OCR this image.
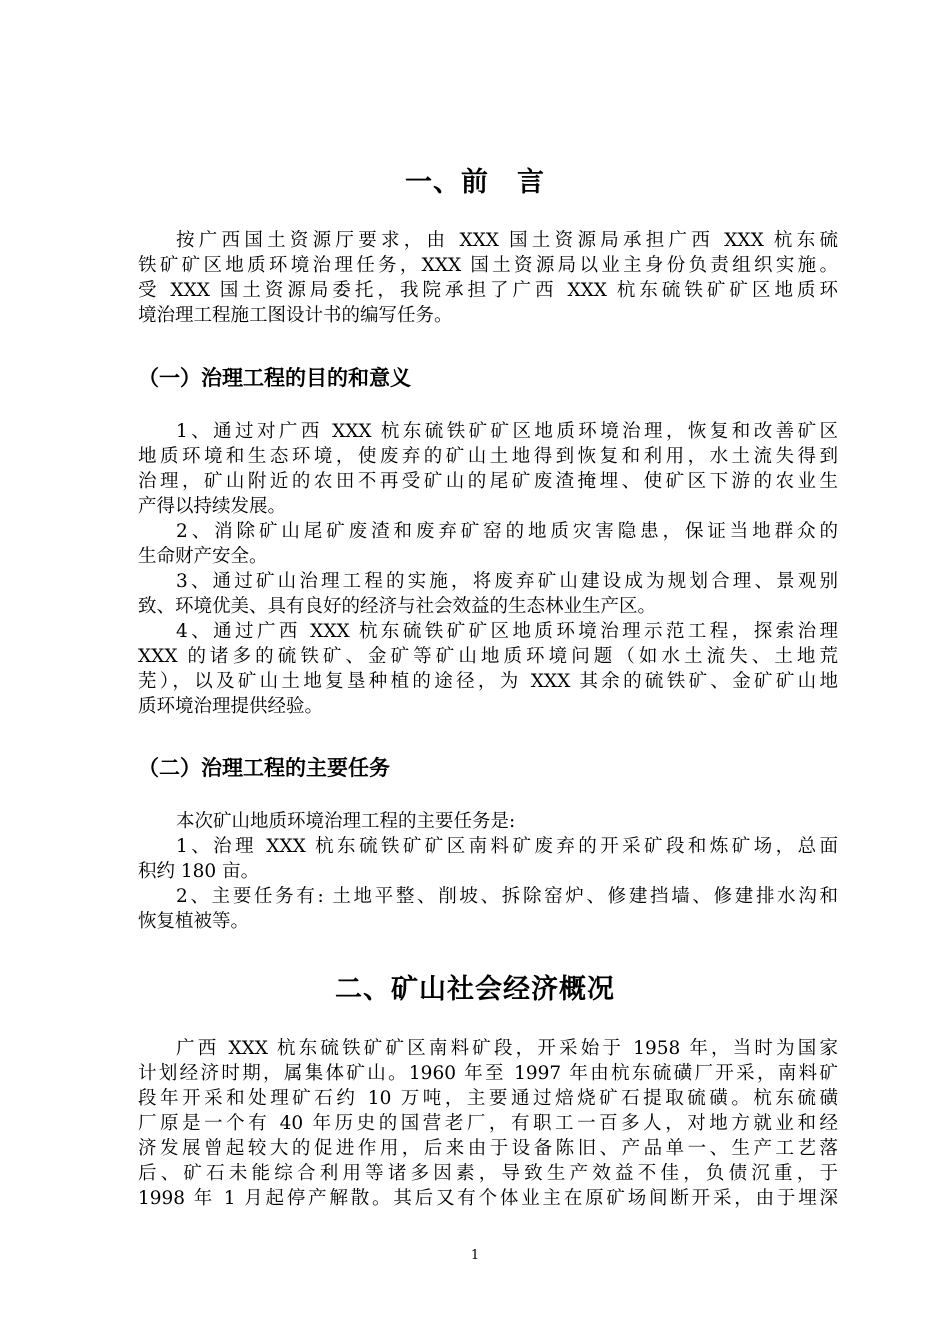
一、前　言

按广西国土资源厅要求，由 XXX 国土资源局承担广西 XXX 杭东硫

铁矿矿区地质环境治理任务，XXX 国土资源局以业主身份负责组织实施。

受 XXX 国土资源局委托，我院承担了广西 XXX 杭东硫铁矿矿区地质环

境治理工程施工图设计书的编写任务。

（一）治理工程的目的和意义

1、通过对广西 XXX 杭东硫铁矿矿区地质环境治理，恢复和改善矿区

地质环境和生态环境，使废弃的矿山土地得到恢复和利用，水土流失得到

治理，矿山附近的农田不再受矿山的尾矿废渣掩埋、使矿区下游的农业生

产得以持续发展。

2、消除矿山尾矿废渣和废弃矿窑的地质灾害隐患，保证当地群众的

生命财产安全。

3、通过矿山治理工程的实施，将废弃矿山建设成为规划合理、景观别

致、环境优美、具有良好的经济与社会效益的生态林业生产区。

4、通过广西 XXX 杭东硫铁矿矿区地质环境治理示范工程，探索治理

XXX 的诸多的硫铁矿、金矿等矿山地质环境问题（如水土流失、土地荒

芜），以及矿山土地复垦种植的途径，为 XXX 其余的硫铁矿、金矿矿山地

质环境治理提供经验。

（二）治理工程的主要任务

本次矿山地质环境治理工程的主要任务是:

1、治理 XXX 杭东硫铁矿矿区南料矿废弃的开采矿段和炼矿场，总面

积约 180 亩。

2、主要任务有: 土地平整、削坡、拆除窑炉、修建挡墙、修建排水沟和

恢复植被等。

二、矿山社会经济概况

广西 XXX 杭东硫铁矿矿区南料矿段，开采始于 1958 年，当时为国家

计划经济时期，属集体矿山。1960 年至 1997 年由杭东硫磺厂开采，南料矿

段年开采和处理矿石约 10 万吨，主要通过焙烧矿石提取硫磺。杭东硫磺

厂原是一个有 40 年历史的国营老厂，有职工一百多人，对地方就业和经

济发展曾起较大的促进作用，后来由于设备陈旧、产品单一、生产工艺落

后、矿石未能综合利用等诸多因素，导致生产效益不佳，负债沉重，于

1998 年 1 月起停产解散。其后又有个体业主在原矿场间断开采，由于埋深

1
